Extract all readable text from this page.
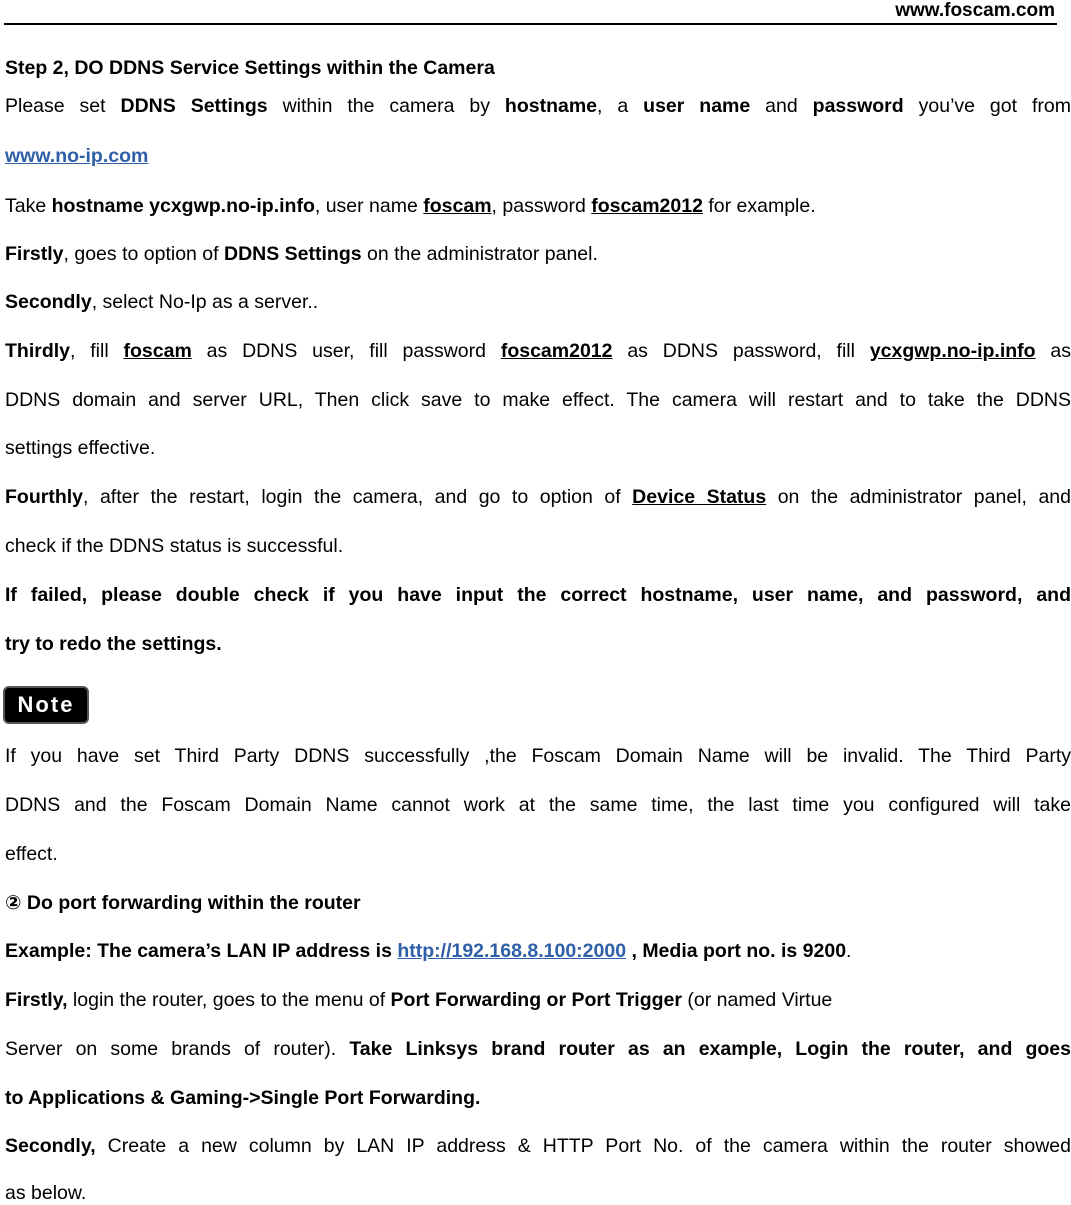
www.foscam.com
Step 2, DO DDNS Service Settings within the Camera
Please set DDNS Settings within the camera by hostname, a user name and password you’ve got from
www.no-ip.com
Take hostname ycxgwp.no-ip.info, user name foscam, password foscam2012 for example.
Firstly, goes to option of DDNS Settings on the administrator panel.
Secondly, select No-Ip as a server..
Thirdly, fill foscam as DDNS user, fill password foscam2012 as DDNS password, fill ycxgwp.no-ip.info as
DDNS domain and server URL, Then click save to make effect. The camera will restart and to take the DDNS
settings effective.
Fourthly, after the restart, login the camera, and go to option of Device Status on the administrator panel, and
check if the DDNS status is successful.
If failed, please double check if you have input the correct hostname, user name, and password, and
try to redo the settings.
Note
If you have set Third Party DDNS successfully ,the Foscam Domain Name will be invalid. The Third Party
DDNS and the Foscam Domain Name cannot work at the same time, the last time you configured will take
effect.
② Do port forwarding within the router
Example: The camera’s LAN IP address is http://192.168.8.100:2000 , Media port no. is 9200.
Firstly, login the router, goes to the menu of Port Forwarding or Port Trigger (or named Virtue
Server on some brands of router). Take Linksys brand router as an example, Login the router, and goes
to Applications & Gaming->Single Port Forwarding.
Secondly, Create a new column by LAN IP address & HTTP Port No. of the camera within the router showed
as below.
